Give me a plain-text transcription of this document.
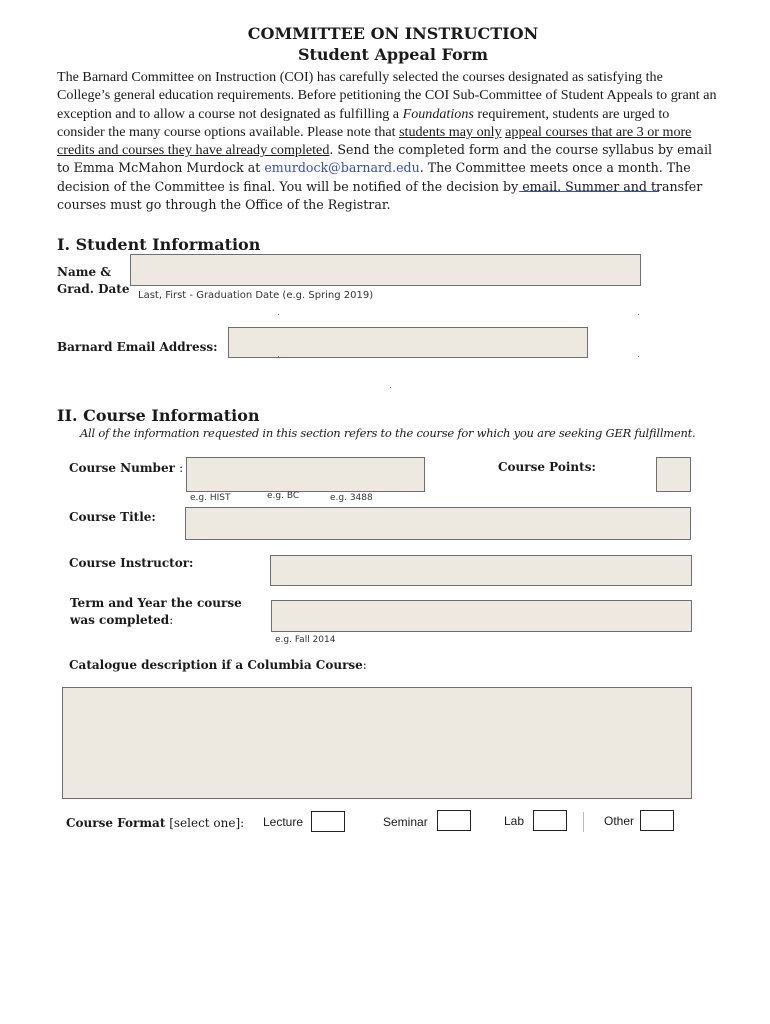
COMMITTEE ON INSTRUCTION
Student Appeal Form
The Barnard Committee on Instruction (COI) has carefully selected the courses designated as satisfying the College’s general education requirements. Before petitioning the COI Sub-Committee of Student Appeals to grant an exception and to allow a course not designated as fulfilling a Foundations requirement, students are urged to consider the many course options available. Please note that students may only appeal courses that are 3 or more credits and courses they have already completed. Send the completed form and the course syllabus by email to Emma McMahon Murdock at emurdock@barnard.edu. The Committee meets once a month. The decision of the Committee is final. You will be notified of the decision by email. Summer and transfer courses must go through the Office of the Registrar.
I. Student Information
Name &
Grad. Date Last, First - Graduation Date (e.g. Spring 2019)
Barnard Email Address:
II. Course Information
All of the information requested in this section refers to the course for which you are seeking GER fulfillment.
Course Number :
e.g. HIST	e.g. BC	e.g. 3488
Course Points:
Course Title:
Course Instructor:
Term and Year the course
was completed:
e.g. Fall 2014
Catalogue description if a Columbia Course:
Course Format [select one]: Lecture	Seminar	Lab	Other
